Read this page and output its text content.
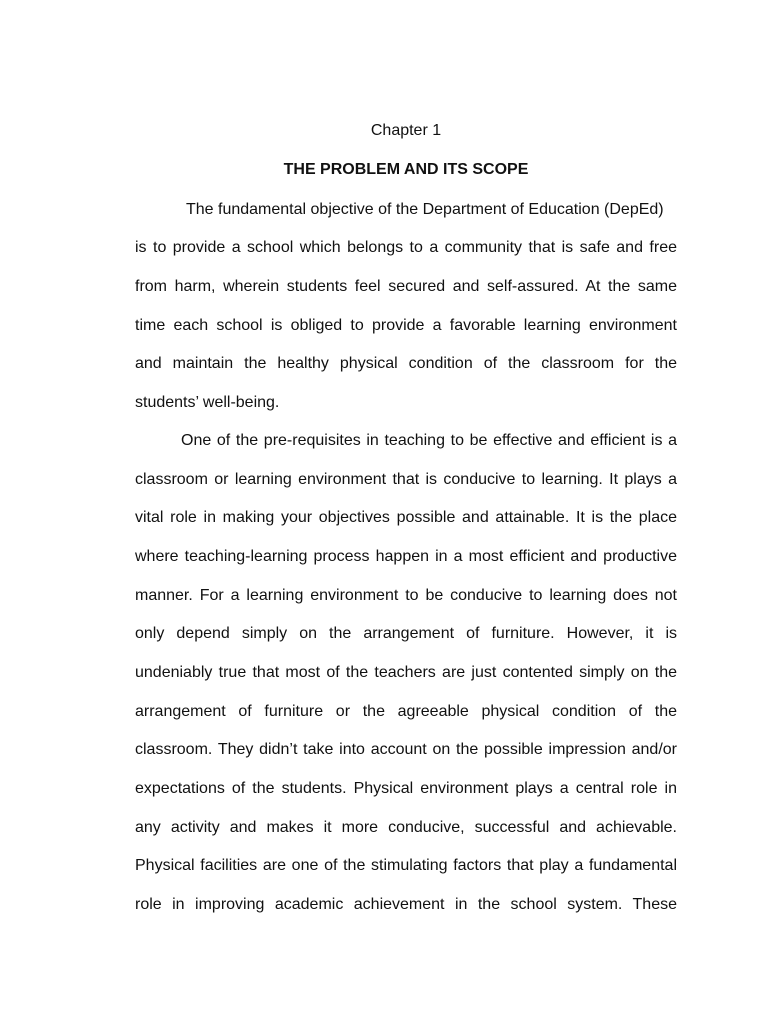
Chapter 1
THE PROBLEM AND ITS SCOPE
The fundamental objective of the Department of Education (DepEd)
is to provide a school which belongs to a community that is safe and free
from harm, wherein students feel secured and self-assured. At the same
time each school is obliged to provide a favorable learning environment
and maintain the healthy physical condition of the classroom for the
students’ well-being.
One of the pre-requisites in teaching to be effective and efficient is a
classroom or learning environment that is conducive to learning. It plays a
vital role in making your objectives possible and attainable. It is the place
where teaching-learning process happen in a most efficient and productive
manner. For a learning environment to be conducive to learning does not
only depend simply on the arrangement of furniture. However, it is
undeniably true that most of the teachers are just contented simply on the
arrangement of furniture or the agreeable physical condition of the
classroom. They didn’t take into account on the possible impression and/or
expectations of the students. Physical environment plays a central role in
any activity and makes it more conducive, successful and achievable.
Physical facilities are one of the stimulating factors that play a fundamental
role in improving academic achievement in the school system. These
